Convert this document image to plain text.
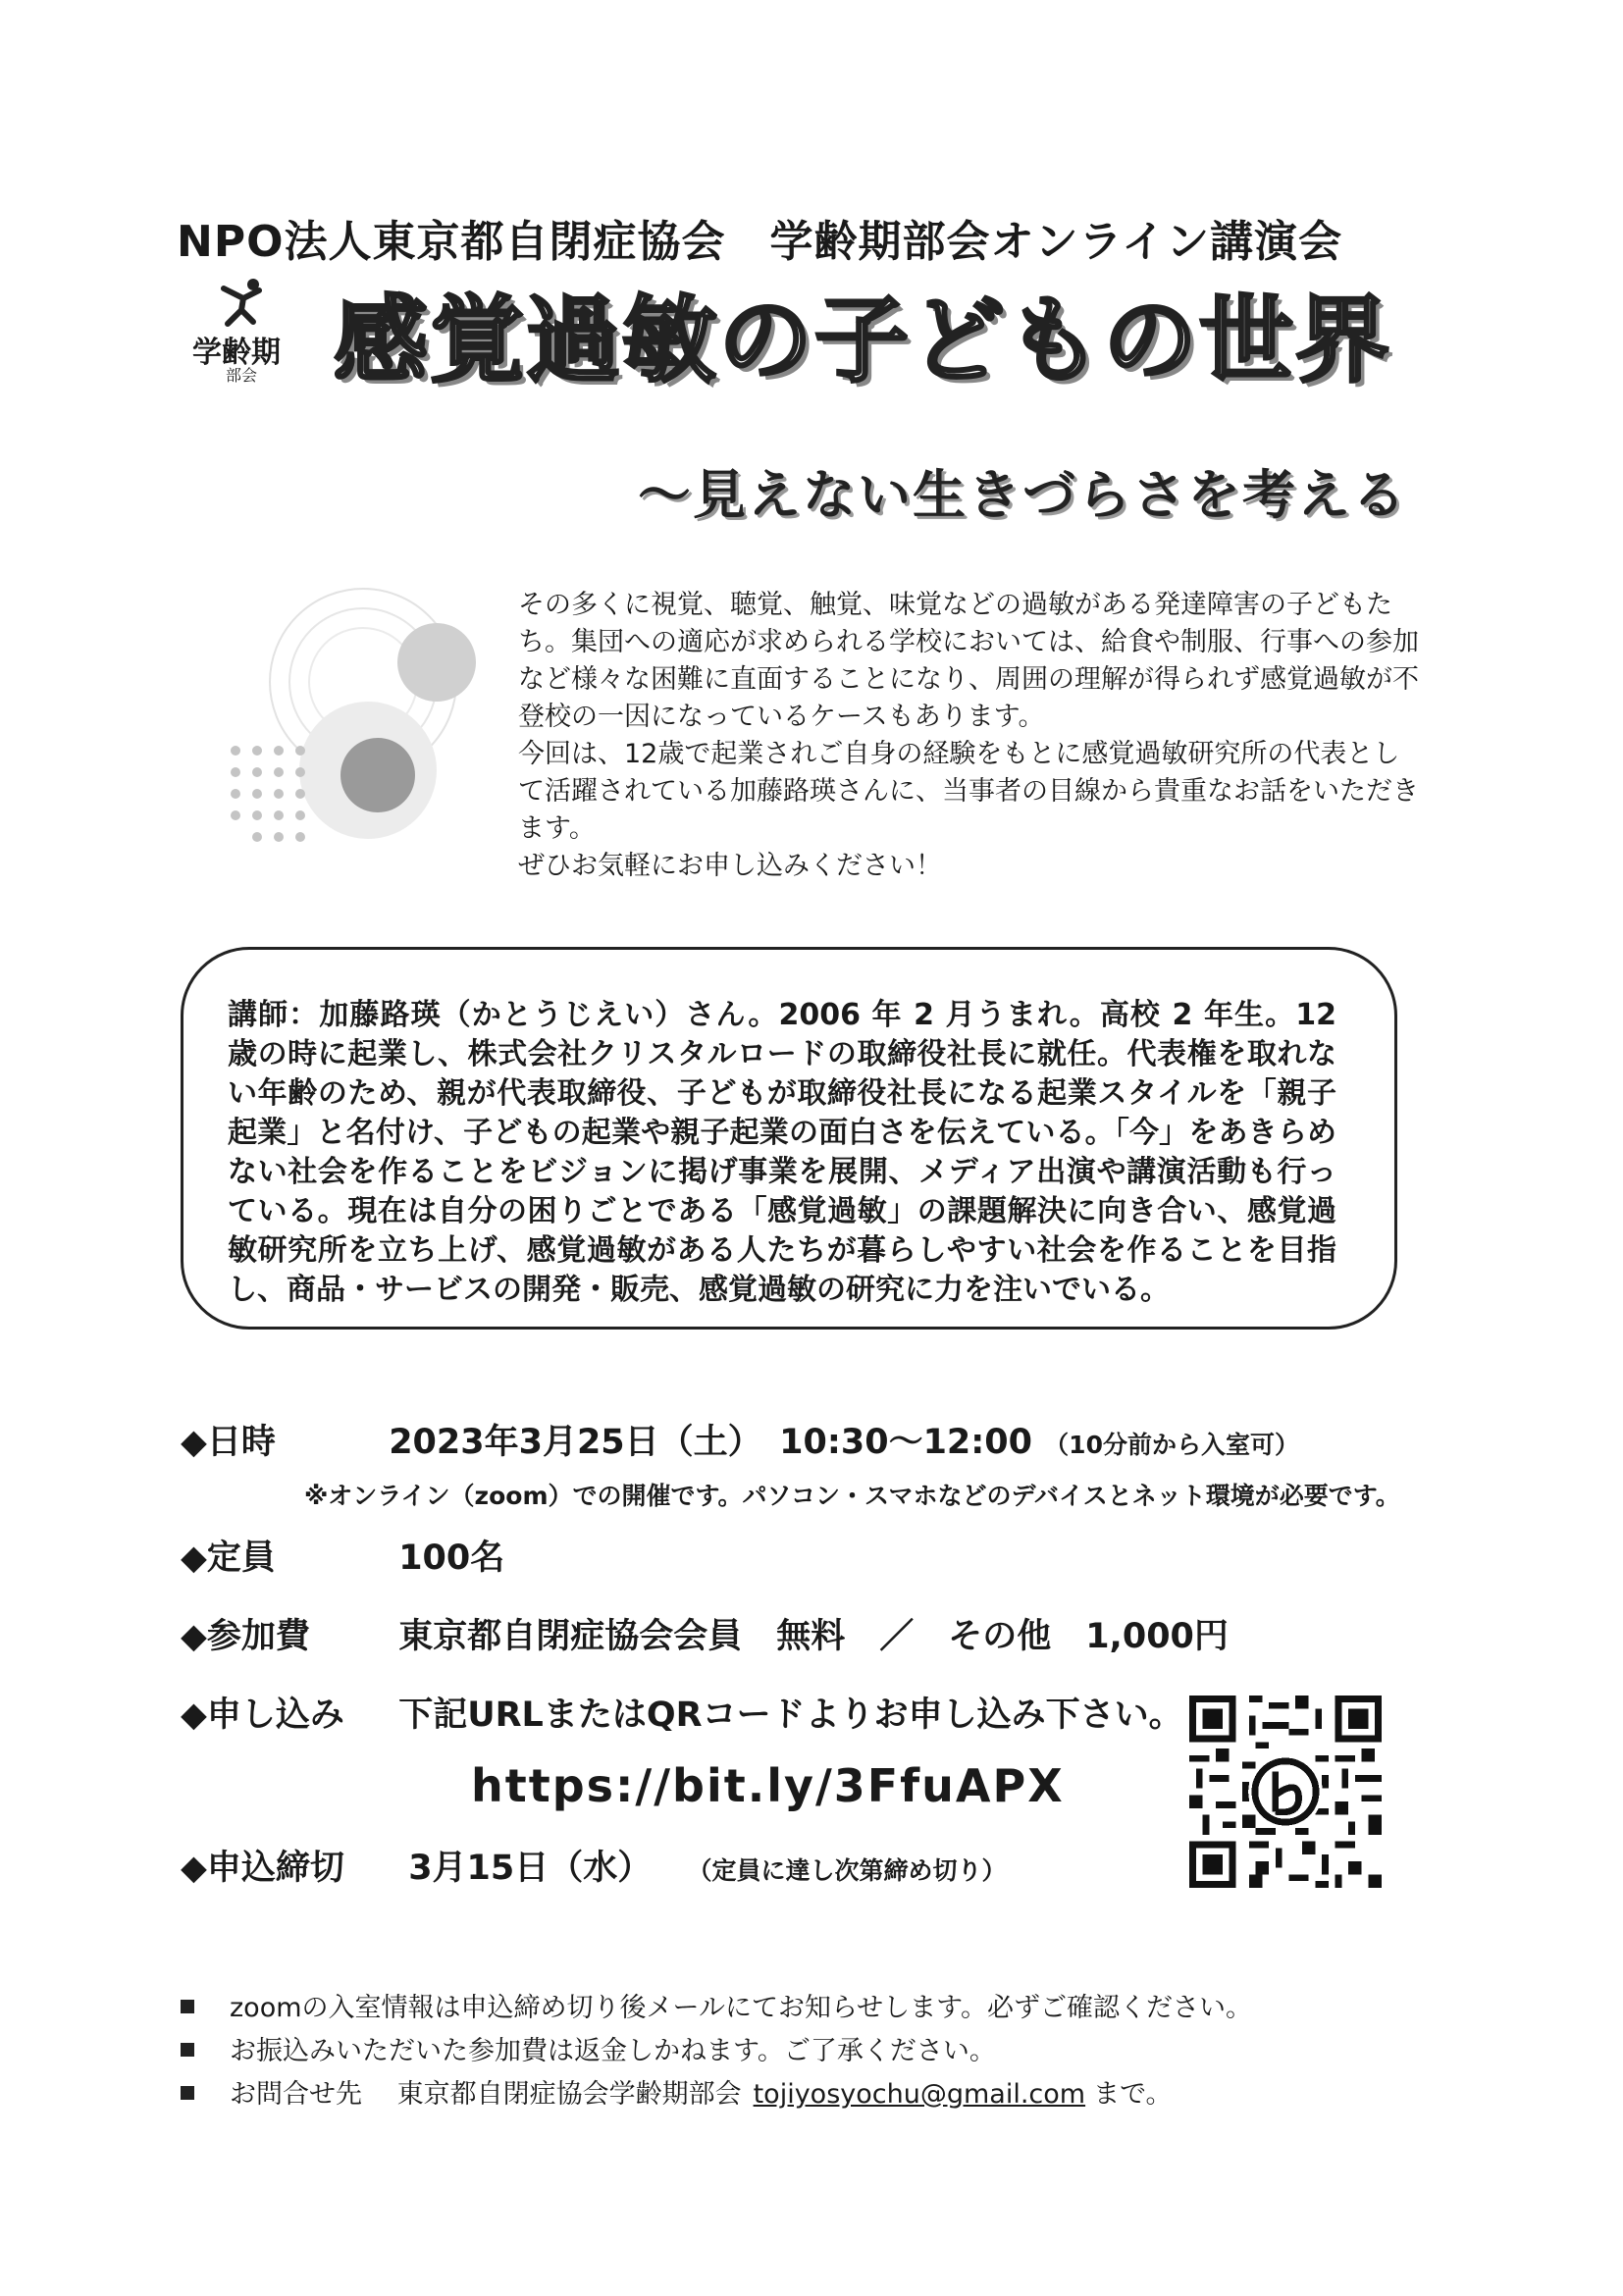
NPO法人東京都自閉症協会　学齢期部会オンライン講演会
学齢期
部会 感覚過敏の子どもの世界
～見えない生きづらさを考える

その多くに視覚、聴覚、触覚、味覚などの過敏がある発達障害の子どもたち。集団への適応が求められる学校においては、給食や制服、行事への参加など様々な困難に直面することになり、周囲の理解が得られず感覚過敏が不登校の一因になっているケースもあります。

今回は、12歳で起業されご自身の経験をもとに感覚過敏研究所の代表として活躍されている加藤路瑛さんに、当事者の目線から貴重なお話をいただきます。

ぜひお気軽にお申し込みください！

講師：加藤路瑛（かとうじえい）さん。2006 年 2 月うまれ。高校 2 年生。12 歳の時に起業し、株式会社クリスタルロードの取締役社長に就任。代表権を取れない年齢のため、親が代表取締役、子どもが取締役社長になる起業スタイルを「親子起業」と名付け、子どもの起業や親子起業の面白さを伝えている。「今」をあきらめない社会を作ることをビジョンに掲げ事業を展開、メディア出演や講演活動も行っている。現在は自分の困りごとである「感覚過敏」の課題解決に向き合い、感覚過敏研究所を立ち上げ、感覚過敏がある人たちが暮らしやすい社会を作ることを目指し、商品・サービスの開発・販売、感覚過敏の研究に力を注いでいる。
◆日時	2023年3月25日（土）　10:30～12:00 （10分前から入室可）
※オンライン（zoom）での開催です。パソコン・スマホなどのデバイスとネット環境が必要です。
◆定員	100名
◆参加費	東京都自閉症協会会員　無料　／　その他　1,000円
◆申し込み 下記URLまたはQRコードよりお申し込み下さい。
https://bit.ly/3FfuAPX
◆申込締切 3月15日（水） （定員に達し次第締め切り）
zoomの入室情報は申込締め切り後メールにてお知らせします。必ずご確認ください。
お振込みいただいた参加費は返金しかねます。ご了承ください。
お問合せ先　 東京都自閉症協会学齢期部会 tojiyosyochu@gmail.com まで。
